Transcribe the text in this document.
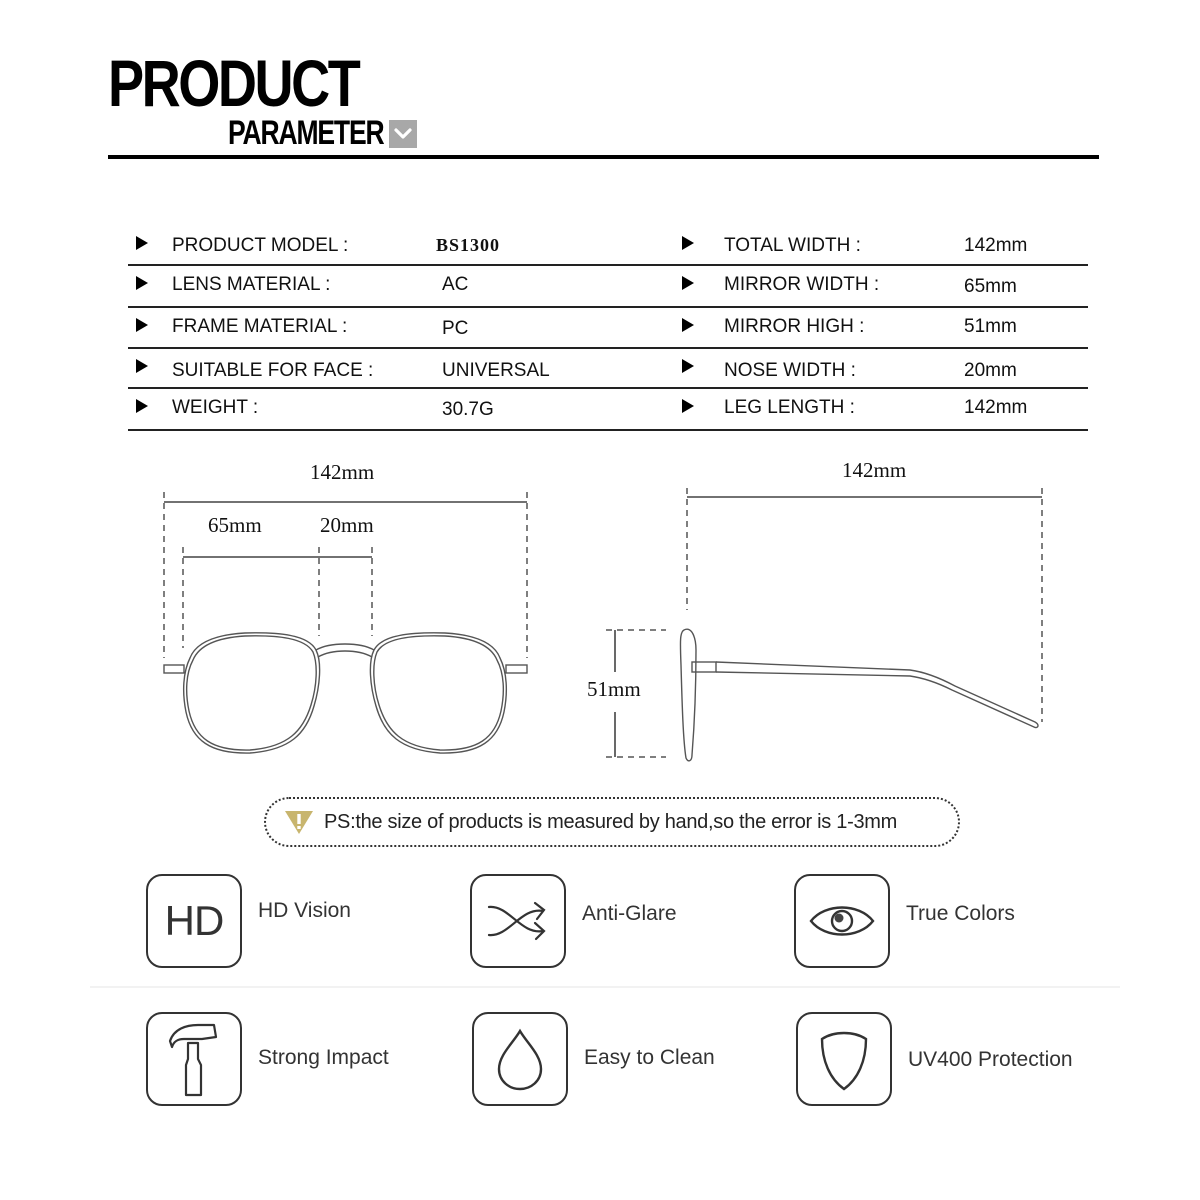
PRODUCT
PARAMETER
PRODUCT MODEL :	BS1300	TOTAL WIDTH :	142mm
LENS MATERIAL :	AC	MIRROR WIDTH :	65mm
FRAME MATERIAL :	PC	MIRROR HIGH :	51mm
SUITABLE FOR FACE :	UNIVERSAL	NOSE WIDTH :	20mm
WEIGHT :	30.7G	LEG LENGTH :	142mm
142mm
65mm	20mm
142mm
51mm
PS:the size of products is measured by hand,so the error is 1-3mm
HD HD Vision	Anti-Glare	True Colors
Strong Impact	Easy to Clean	UV400 Protection
